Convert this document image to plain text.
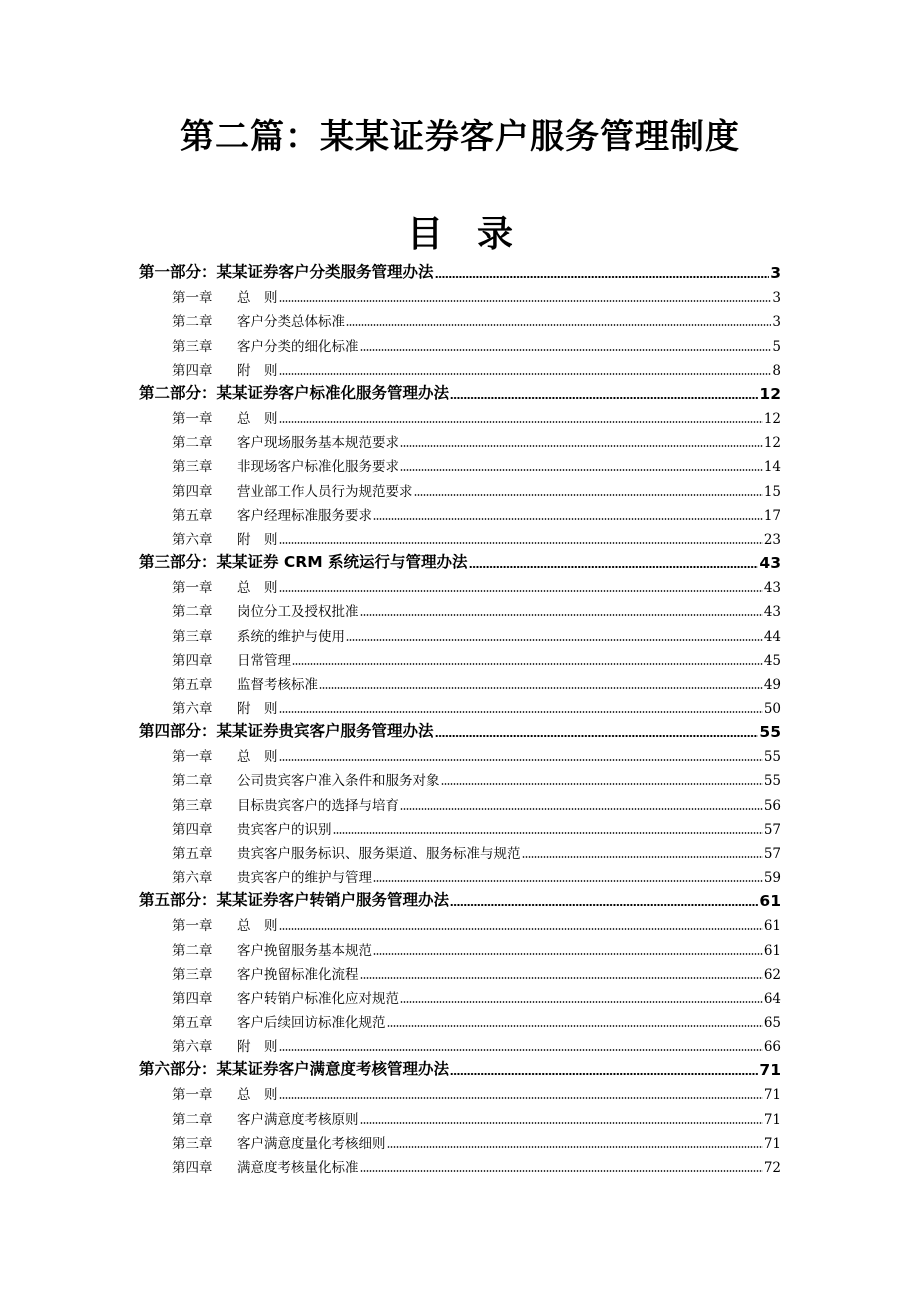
第二篇：某某证券客户服务管理制度
目录
第一部分：某某证券客户分类服务管理办法	3
第一章	总　则	3
第二章	客户分类总体标准	3
第三章	客户分类的细化标准	5
第四章	附　则	8
第二部分：某某证券客户标准化服务管理办法	12
第一章	总　则	12
第二章	客户现场服务基本规范要求	12
第三章	非现场客户标准化服务要求	14
第四章	营业部工作人员行为规范要求	15
第五章	客户经理标准服务要求	17
第六章	附　则	23
第三部分：某某证券 CRM 系统运行与管理办法	43
第一章	总　则	43
第二章	岗位分工及授权批准	43
第三章	系统的维护与使用	44
第四章	日常管理	45
第五章	监督考核标准	49
第六章	附　则	50
第四部分：某某证券贵宾客户服务管理办法	55
第一章	总　则	55
第二章	公司贵宾客户准入条件和服务对象	55
第三章	目标贵宾客户的选择与培育	56
第四章	贵宾客户的识别	57
第五章	贵宾客户服务标识、服务渠道、服务标准与规范	57
第六章	贵宾客户的维护与管理	59
第五部分：某某证券客户转销户服务管理办法	61
第一章	总　则	61
第二章	客户挽留服务基本规范	61
第三章	客户挽留标准化流程	62
第四章	客户转销户标准化应对规范	64
第五章	客户后续回访标准化规范	65
第六章	附　则	66
第六部分：某某证券客户满意度考核管理办法	71
第一章	总　则	71
第二章	客户满意度考核原则	71
第三章	客户满意度量化考核细则	71
第四章	满意度考核量化标准	72
